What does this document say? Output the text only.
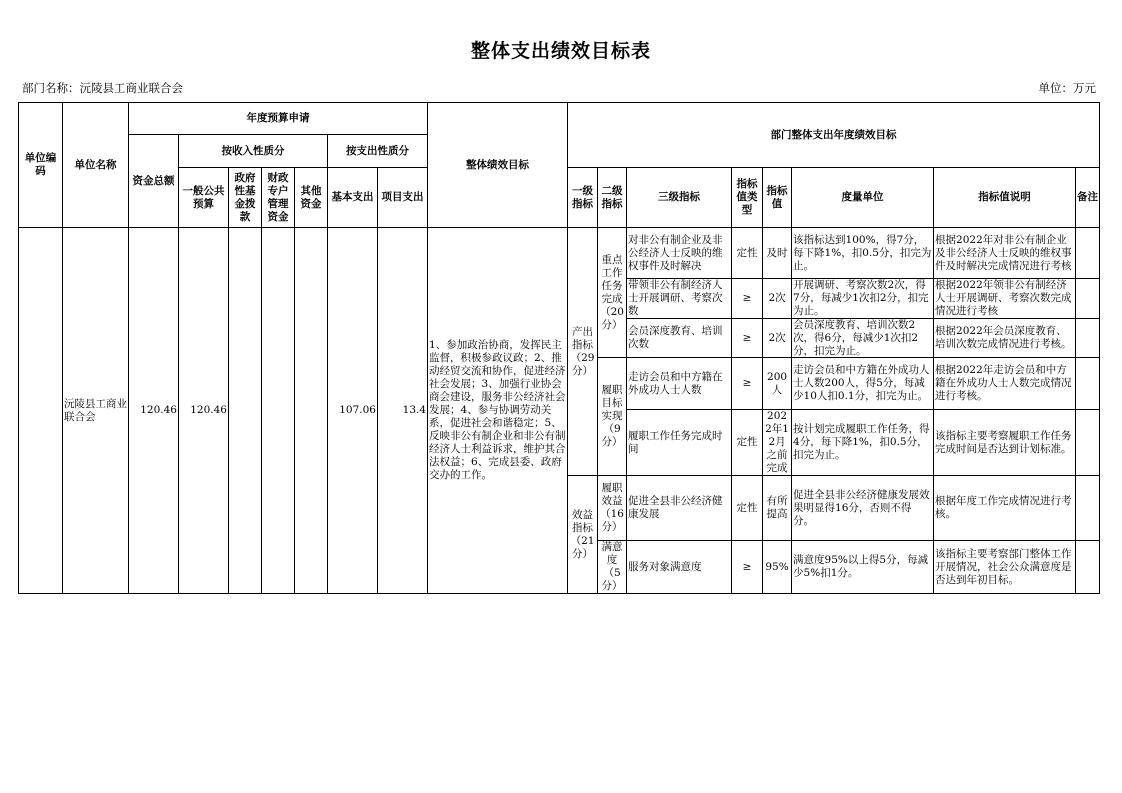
整体支出绩效目标表
部门名称：沅陵县工商业联合会	单位：万元
单位编码	单位名称	年度预算申请							整体绩效目标	部门整体支出年度绩效目标							
		资金总额	按收入性质分				按支出性质分										
			一般公共预算	政府性基金拨款	财政专户管理资金	其他资金	基本支出	项目支出		一级指标	二级指标	三级指标	指标值类型	指标值	度量单位	指标值说明	备注
	沅陵县工商业联合会	120.46	120.46				107.06	13.4	1、参加政治协商，发挥民主监督，积极参政议政；2、推动经贸交流和协作，促进经济社会发展；3、加强行业协会商会建设，服务非公经济社会发展；4、参与协调劳动关系，促进社会和谐稳定；5、反映非公有制企业和非公有制经济人士利益诉求，维护其合法权益；6、完成县委、政府交办的工作。	产出指标（29分）	重点工作任务完成（20分）	对非公有制企业及非公经济人士反映的维权事件及时解决	定性	及时	该指标达到100%，得7分，每下降1%，扣0.5分，扣完为止。	根据2022年对非公有制企业及非公经济人士反映的维权事件及时解决完成情况进行考核	

												带领非公有制经济人士开展调研、考察次数	≥	2次	开展调研、考察次数2次，得7分，每减少1次扣2分，扣完为止。	根据2022年领非公有制经济人士开展调研、考察次数完成情况进行考核	

												会员深度教育、培训次数	≥	2次	会员深度教育、培训次数2次，得6分，每减少1次扣2分，扣完为止。	根据2022年会员深度教育、培训次数完成情况进行考核。	

											履职目标实现（9分）	走访会员和中方籍在外成功人士人数	≥	200人	走访会员和中方籍在外成功人士人数200人，得5分，每减少10人扣0.1分，扣完为止。	根据2022年走访会员和中方籍在外成功人士人数完成情况进行考核。	

												履职工作任务完成时间	定性	2022年12月之前完成	按计划完成履职工作任务，得4分，每下降1%，扣0.5分，扣完为止。	该指标主要考察履职工作任务完成时间是否达到计划标准。	

										效益指标（21分）	履职效益（16分）	促进全县非公经济健康发展	定性	有所提高	促进全县非公经济健康发展效果明显得16分，否则不得分。	根据年度工作完成情况进行考核。	

											满意度（5分）	服务对象满意度	≥	95%	满意度95%以上得5分，每减少5%扣1分。	该指标主要考察部门整体工作开展情况，社会公众满意度是否达到年初目标。	
